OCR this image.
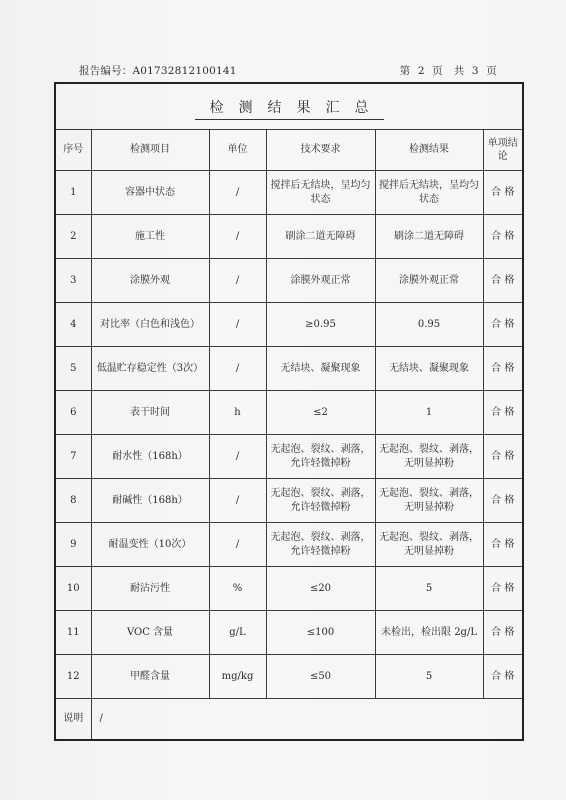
报告编号：A01732812100141	第 2 页　共 3 页
检测结果汇总					
序号	检测项目	单位	技术要求	检测结果	单项结论
1	容器中状态	/	搅拌后无结块，呈均匀状态	搅拌后无结块，呈均匀状态	合 格
2	施工性	/	刷涂二道无障碍	刷涂二道无障碍	合 格
3	涂膜外观	/	涂膜外观正常	涂膜外观正常	合 格
4	对比率（白色和浅色）	/	≥0.95	0.95	合 格
5	低温贮存稳定性（3次）	/	无结块、凝聚现象	无结块、凝聚现象	合 格
6	表干时间	h	≤2	1	合 格
7	耐水性（168h）	/	无起泡、裂纹、剥落，允许轻微掉粉	无起泡、裂纹、剥落，无明显掉粉	合 格
8	耐碱性（168h）	/	无起泡、裂纹、剥落，允许轻微掉粉	无起泡、裂纹、剥落，无明显掉粉	合 格
9	耐温变性（10次）	/	无起泡、裂纹、剥落，允许轻微掉粉	无起泡、裂纹、剥落，无明显掉粉	合 格
10	耐沾污性	%	≤20	5	合 格
11	VOC 含量	g/L	≤100	未检出，检出限 2g/L	合 格
12	甲醛含量	mg/kg	≤50	5	合 格
说明	/				
